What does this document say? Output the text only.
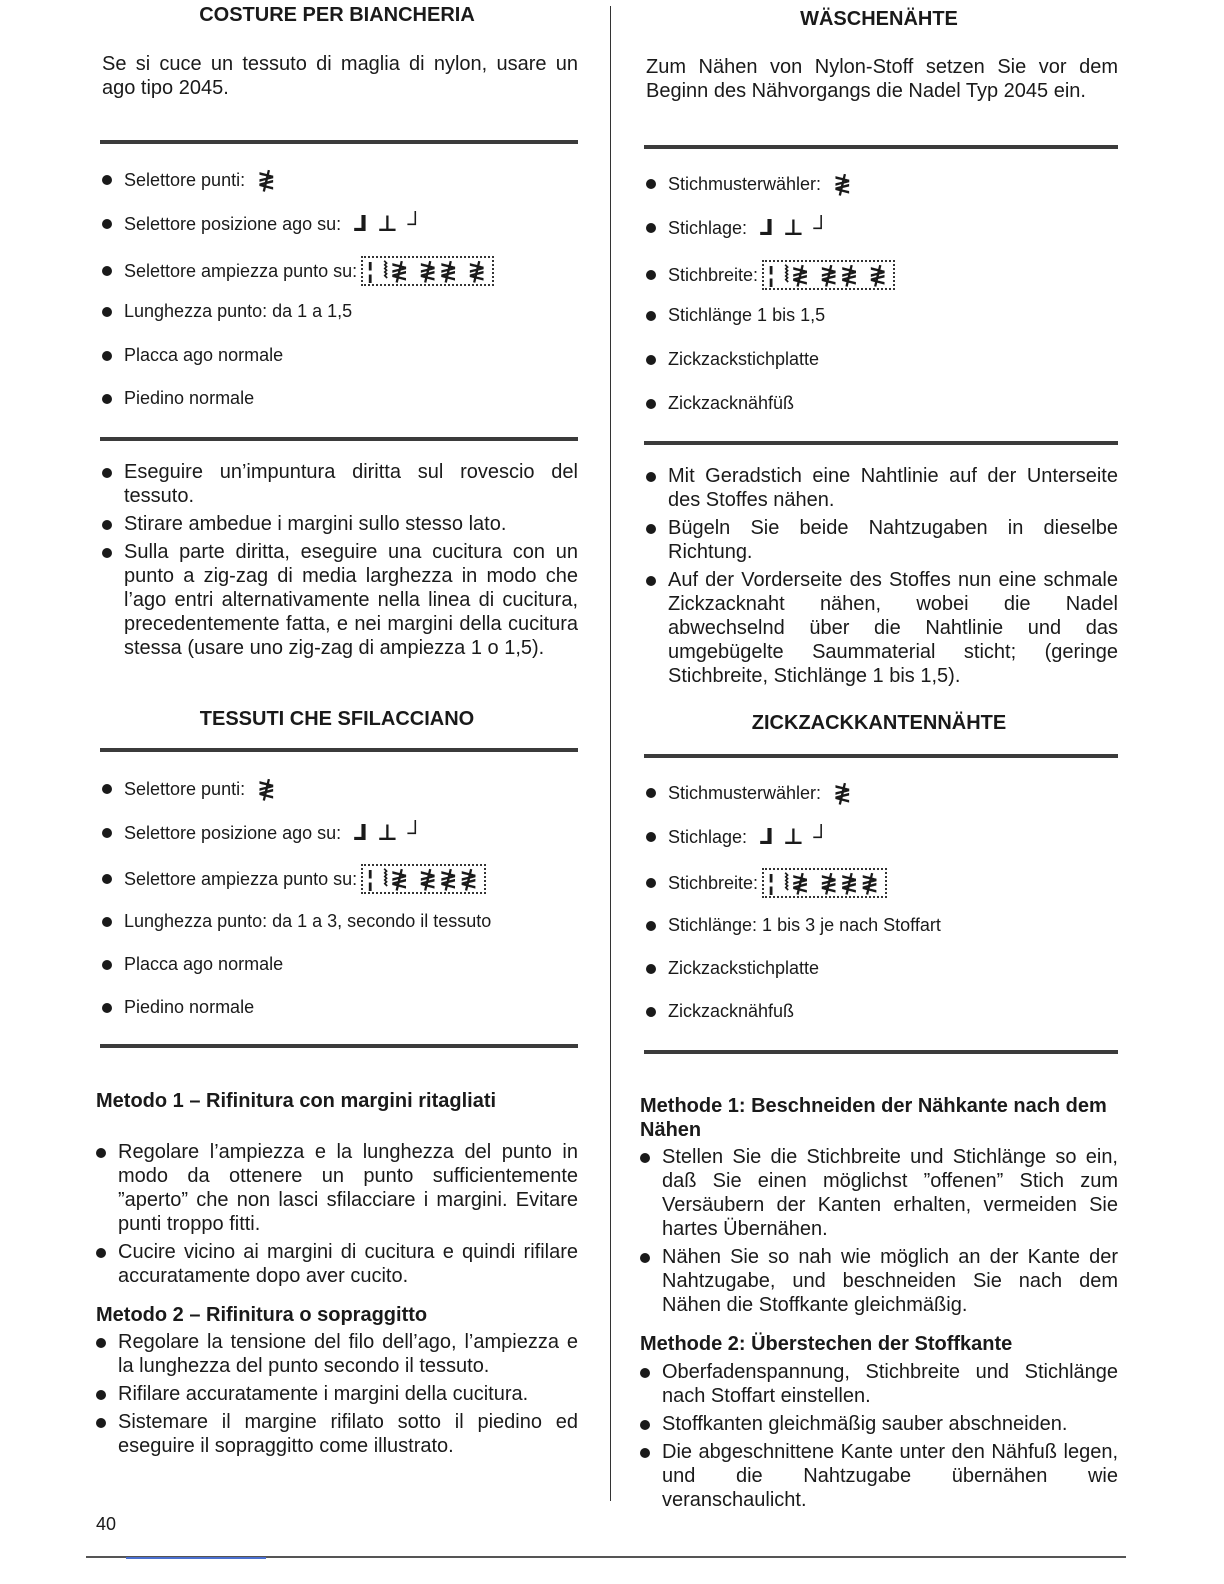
COSTURE PER BIANCHERIA
Se si cuce un tessuto di maglia di nylon, usare un ago tipo 2045.
Selettore punti: ≹
Selettore posizione ago su: ⅃ ⊥ ┘
Selettore ampiezza punto su: ¦ ⦚≹ ≹≹ ≹
Lunghezza punto: da 1 a 1,5
Placca ago normale
Piedino normale
Eseguire un’impuntura diritta sul rovescio del tessuto.
Stirare ambedue i margini sullo stesso lato.
Sulla parte diritta, eseguire una cucitura con un punto a zig-zag di media larghezza in modo che l’ago entri alternativamente nella linea di cucitura, precedentemente fatta, e nei margini della cucitura stessa (usare uno zig-zag di ampiezza 1 o 1,5).
TESSUTI CHE SFILACCIANO
Selettore punti: ≹
Selettore posizione ago su: ⅃ ⊥ ┘
Selettore ampiezza punto su: ¦ ⦚≹ ≹≹≹
Lunghezza punto: da 1 a 3, secondo il tessuto
Placca ago normale
Piedino normale
Metodo 1 – Rifinitura con margini ritagliati
Regolare l’ampiezza e la lunghezza del punto in modo da ottenere un punto sufficientemente ”aperto” che non lasci sfilacciare i margini. Evitare punti troppo fitti.
Cucire vicino ai margini di cucitura e quindi rifilare accuratamente dopo aver cucito.
Metodo 2 – Rifinitura o sopraggitto
Regolare la tensione del filo dell’ago, l’ampiezza e la lunghezza del punto secondo il tessuto.
Rifilare accuratamente i margini della cucitura.
Sistemare il margine rifilato sotto il piedino ed eseguire il sopraggitto come illustrato.
WÄSCHENÄHTE
Zum Nähen von Nylon-Stoff setzen Sie vor dem Beginn des Nähvorgangs die Nadel Typ 2045 ein.
Stichmusterwähler: ≹
Stichlage: ⅃ ⊥ ┘
Stichbreite: ¦ ⦚≹ ≹≹ ≹
Stichlänge 1 bis 1,5
Zickzackstichplatte
Zickzacknähfüß
Mit Geradstich eine Nahtlinie auf der Unterseite des Stoffes nähen.
Bügeln Sie beide Nahtzugaben in dieselbe Richtung.
Auf der Vorderseite des Stoffes nun eine schmale Zickzacknaht nähen, wobei die Nadel abwechselnd über die Nahtlinie und das umgebügelte Saummaterial sticht; (geringe Stichbreite, Stichlänge 1 bis 1,5).
ZICKZACKKANTENNÄHTE
Stichmusterwähler: ≹
Stichlage: ⅃ ⊥ ┘
Stichbreite: ¦ ⦚≹ ≹≹≹
Stichlänge: 1 bis 3 je nach Stoffart
Zickzackstichplatte
Zickzacknähfuß
Methode 1: Beschneiden der Nähkante nach dem Nähen
Stellen Sie die Stichbreite und Stichlänge so ein, daß Sie einen möglichst ”offenen” Stich zum Versäubern der Kanten erhalten, vermeiden Sie hartes Übernähen.
Nähen Sie so nah wie möglich an der Kante der Nahtzugabe, und beschneiden Sie nach dem Nähen die Stoffkante gleichmäßig.
Methode 2: Überstechen der Stoffkante
Oberfadenspannung, Stichbreite und Stichlänge nach Stoffart einstellen.
Stoffkanten gleichmäßig sauber abschneiden.
Die abgeschnittene Kante unter den Nähfuß legen, und die Nahtzugabe übernähen wie veranschaulicht.
40
